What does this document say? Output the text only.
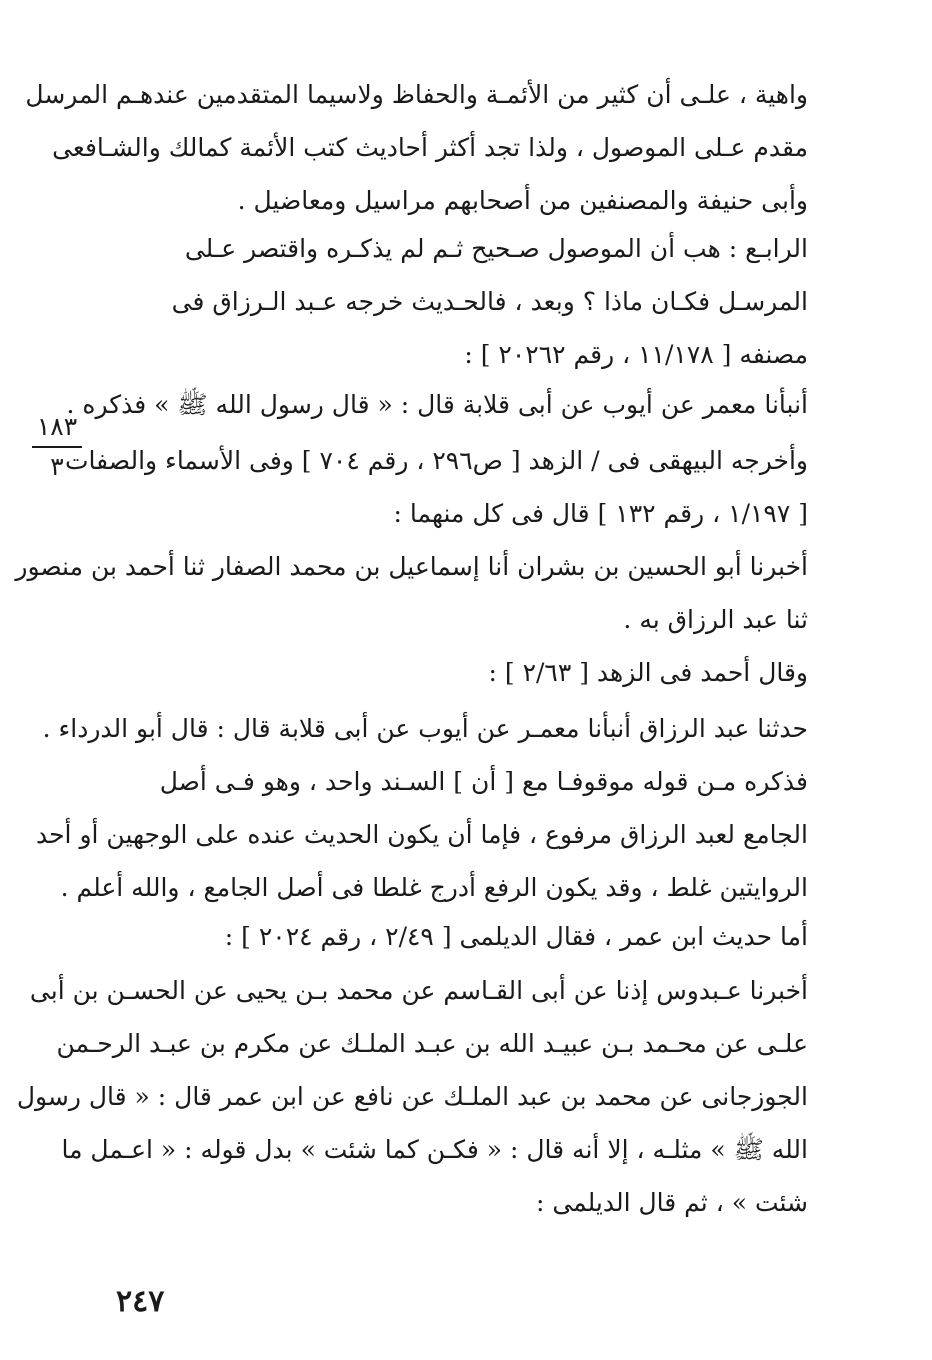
واهية ، علـى أن كثير من الأئمـة والحفاظ ولاسيما المتقدمين عندهـم المرسل
مقدم عـلى الموصول ، ولذا تجد أكثر أحاديث كتب الأئمة كمالك والشـافعى
وأبى حنيفة والمصنفين من أصحابهم مراسيل ومعاضيل .
الرابـع : هب أن الموصول صـحيح ثـم لم يذكـره واقتصر عـلى
المرسـل فكـان ماذا ؟ وبعد ، فالحـديث خرجه عـبد الـرزاق فى
مصنفه [ ١١/١٧٨ ، رقم ٢٠٢٦٢ ] :
أنبأنا معمر عن أيوب عن أبى قلابة قال : « قال رسول الله ﷺ » فذكره .
وأخرجه البيهقى فى / الزهد [ ص٢٩٦ ، رقم ٧٠٤ ] وفى الأسماء والصفات
[ ١/١٩٧ ، رقم ١٣٢ ] قال فى كل منهما :
أخبرنا أبو الحسين بن بشران أنا إسماعيل بن محمد الصفار ثنا أحمد بن منصور
ثنا عبد الرزاق به .
وقال أحمد فى الزهد [ ٢/٦٣ ] :
حدثنا عبد الرزاق أنبأنا معمـر عن أيوب عن أبى قلابة قال : قال أبو الدرداء .
فذكره مـن قوله موقوفـا مع [ أن ] السـند واحد ، وهو فـى أصل
الجامع لعبد الرزاق مرفوع ، فإما أن يكون الحديث عنده على الوجهين أو أحد
الروايتين غلط ، وقد يكون الرفع أدرج غلطا فى أصل الجامع ، والله أعلم .
أما حديث ابن عمر ، فقال الديلمى [ ٢/٤٩ ، رقم ٢٠٢٤ ] :
أخبرنا عـبدوس إذنا عن أبى القـاسم عن محمد بـن يحيى عن الحسـن بن أبى
علـى عن محـمد بـن عبيـد الله بن عبـد الملـك عن مكرم بن عبـد الرحـمن
الجوزجانى عن محمد بن عبد الملـك عن نافع عن ابن عمر قال : « قال رسول
الله ﷺ » مثلـه ، إلا أنه قال : « فكـن كما شئت » بدل قوله : « اعـمل ما
شئت » ، ثم قال الديلمى :
١٨٣
٣
٢٤٧
